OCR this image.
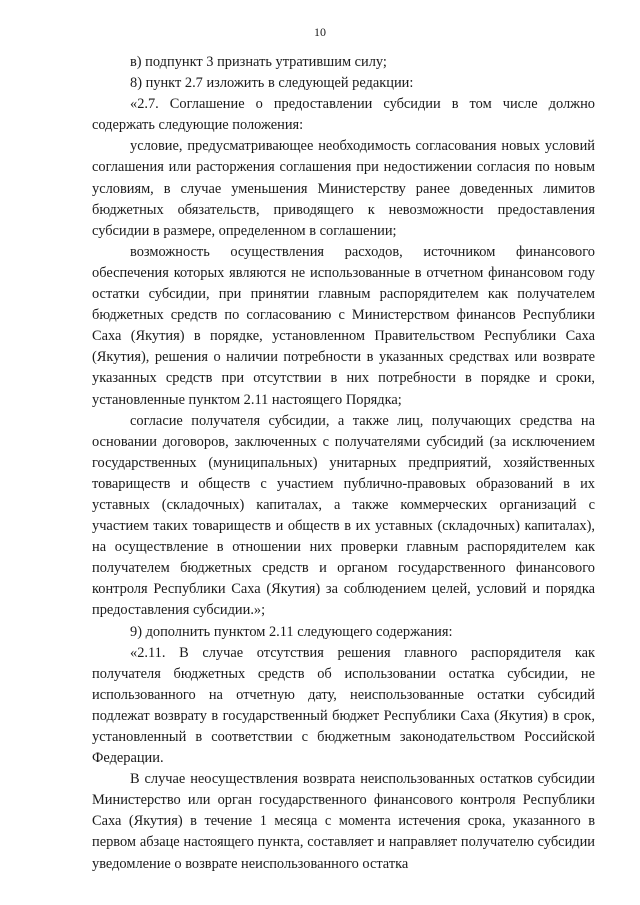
10

в) подпункт 3 признать утратившим силу;

8) пункт 2.7 изложить в следующей редакции:

«2.7. Соглашение о предоставлении субсидии в том числе должно содержать следующие положения:

условие, предусматривающее необходимость согласования новых условий соглашения или расторжения соглашения при недостижении согласия по новым условиям, в случае уменьшения Министерству ранее доведенных лимитов бюджетных обязательств, приводящего к невозможности предоставления субсидии в размере, определенном в соглашении;

возможность осуществления расходов, источником финансового обеспечения которых являются не использованные в отчетном финансовом году остатки субсидии, при принятии главным распорядителем как получателем бюджетных средств по согласованию с Министерством финансов Республики Саха (Якутия) в порядке, установленном Правительством Республики Саха (Якутия), решения о наличии потребности в указанных средствах или возврате указанных средств при отсутствии в них потребности в порядке и сроки, установленные пунктом 2.11 настоящего Порядка;

согласие получателя субсидии, а также лиц, получающих средства на основании договоров, заключенных с получателями субсидий (за исключением государственных (муниципальных) унитарных предприятий, хозяйственных товариществ и обществ с участием публично-правовых образований в их уставных (складочных) капиталах, а также коммерческих организаций с участием таких товариществ и обществ в их уставных (складочных) капиталах), на осуществление в отношении них проверки главным распорядителем как получателем бюджетных средств и органом государственного финансового контроля Республики Саха (Якутия) за соблюдением целей, условий и порядка предоставления субсидии.»;

9) дополнить пунктом 2.11 следующего содержания:

«2.11. В случае отсутствия решения главного распорядителя как получателя бюджетных средств об использовании остатка субсидии, не использованного на отчетную дату, неиспользованные остатки субсидий подлежат возврату в государственный бюджет Республики Саха (Якутия) в срок, установленный в соответствии с бюджетным законодательством Российской Федерации.

В случае неосуществления возврата неиспользованных остатков субсидии Министерство или орган государственного финансового контроля Республики Саха (Якутия) в течение 1 месяца с момента истечения срока, указанного в первом абзаце настоящего пункта, составляет и направляет получателю субсидии уведомление о возврате неиспользованного остатка
